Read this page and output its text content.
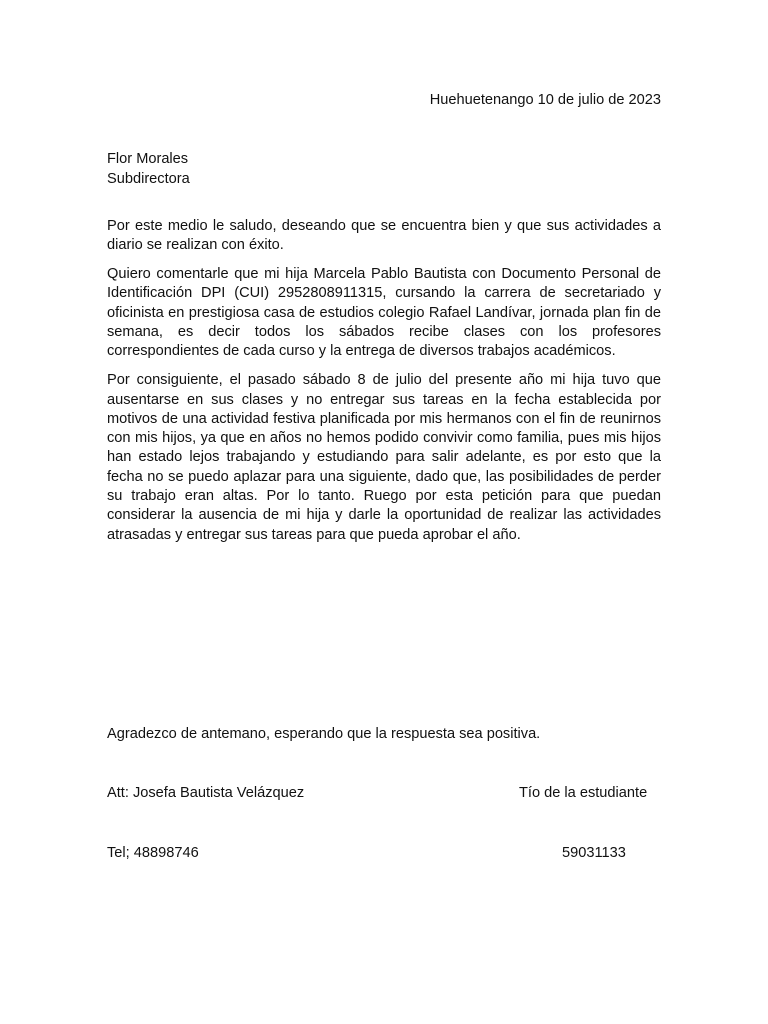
Huehuetenango 10 de julio de 2023
Flor Morales
Subdirectora

Por este medio le saludo, deseando que se encuentra bien y que sus actividades a diario se realizan con éxito.

Quiero comentarle que mi hija Marcela Pablo Bautista con Documento Personal de Identificación DPI (CUI) 2952808911315, cursando la carrera de secretariado y oficinista en prestigiosa casa de estudios colegio Rafael Landívar, jornada plan fin de semana, es decir todos los sábados recibe clases con los profesores correspondientes de cada curso y la entrega de diversos trabajos académicos.

Por consiguiente, el pasado sábado 8 de julio del presente año mi hija tuvo que ausentarse en sus clases y no entregar sus tareas en la fecha establecida por motivos de una actividad festiva planificada por mis hermanos con el fin de reunirnos con mis hijos, ya que en años no hemos podido convivir como familia, pues mis hijos han estado lejos trabajando y estudiando para salir adelante, es por esto que la fecha no se puedo aplazar para una siguiente, dado que, las posibilidades de perder su trabajo eran altas. Por lo tanto. Ruego por esta petición para que puedan considerar la ausencia de mi hija y darle la oportunidad de realizar las actividades atrasadas y entregar sus tareas para que pueda aprobar el año.

Agradezco de antemano, esperando que la respuesta sea positiva.
Att: Josefa Bautista Velázquez	Tío de la estudiante
Tel; 48898746	59031133
